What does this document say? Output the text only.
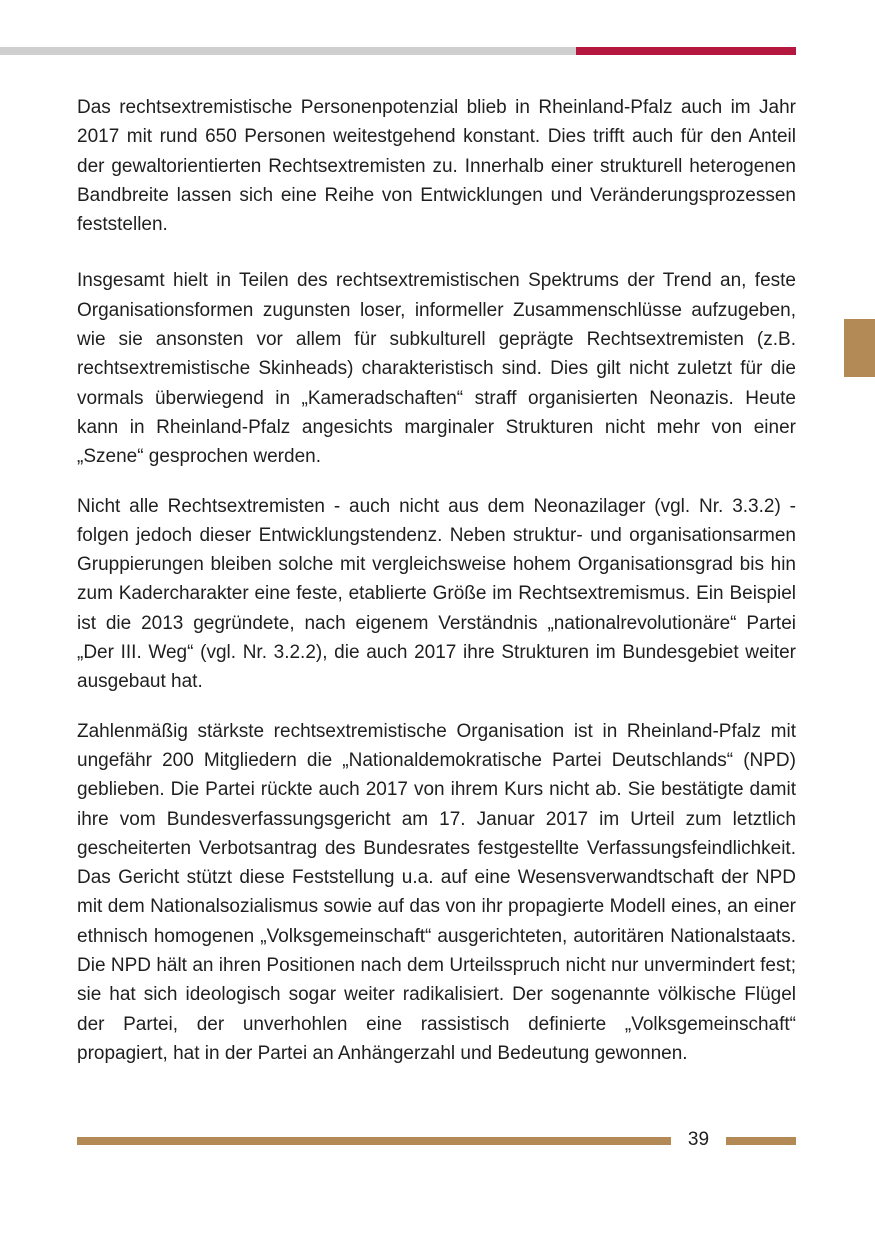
Das rechtsextremistische Personenpotenzial blieb in Rheinland-Pfalz auch im Jahr 2017 mit rund 650 Personen weitestgehend konstant. Dies trifft auch für den Anteil der gewaltorientierten Rechtsextremisten zu. Innerhalb einer strukturell heterogenen Bandbreite lassen sich eine Reihe von Entwicklungen und Veränderungsprozessen feststellen.

Insgesamt hielt in Teilen des rechtsextremistischen Spektrums der Trend an, feste Organisationsformen zugunsten loser, informeller Zusammenschlüsse aufzugeben, wie sie ansonsten vor allem für subkulturell geprägte Rechtsextremisten (z.B. rechtsextremistische Skinheads) charakteristisch sind. Dies gilt nicht zuletzt für die vormals überwiegend in „Kameradschaften“ straff organisierten Neonazis. Heute kann in Rheinland-Pfalz angesichts marginaler Strukturen nicht mehr von einer „Szene“ gesprochen werden.

Nicht alle Rechtsextremisten - auch nicht aus dem Neonazilager (vgl. Nr. 3.3.2) - folgen jedoch dieser Entwicklungstendenz. Neben struktur- und organisationsarmen Gruppierungen bleiben solche mit vergleichsweise hohem Organisationsgrad bis hin zum Kadercharakter eine feste, etablierte Größe im Rechtsextremismus. Ein Beispiel ist die 2013 gegründete, nach eigenem Verständnis „nationalrevolutionäre“ Partei „Der III. Weg“ (vgl. Nr. 3.2.2), die auch 2017 ihre Strukturen im Bundesgebiet weiter ausgebaut hat.

Zahlenmäßig stärkste rechtsextremistische Organisation ist in Rheinland-Pfalz mit ungefähr 200 Mitgliedern die „Nationaldemokratische Partei Deutschlands“ (NPD) geblieben. Die Partei rückte auch 2017 von ihrem Kurs nicht ab. Sie bestätigte damit ihre vom Bundesverfassungsgericht am 17. Januar 2017 im Urteil zum letztlich gescheiterten Verbotsantrag des Bundesrates festgestellte Verfassungsfeindlichkeit. Das Gericht stützt diese Feststellung u.a. auf eine Wesensverwandtschaft der NPD mit dem Nationalsozialismus sowie auf das von ihr propagierte Modell eines, an einer ethnisch homogenen „Volksgemeinschaft“ ausgerichteten, autoritären Nationalstaats. Die NPD hält an ihren Positionen nach dem Urteilsspruch nicht nur unvermindert fest; sie hat sich ideologisch sogar weiter radikalisiert. Der sogenannte völkische Flügel der Partei, der unverhohlen eine rassistisch definierte „Volksgemeinschaft“ propagiert, hat in der Partei an Anhängerzahl und Bedeutung gewonnen.

39
